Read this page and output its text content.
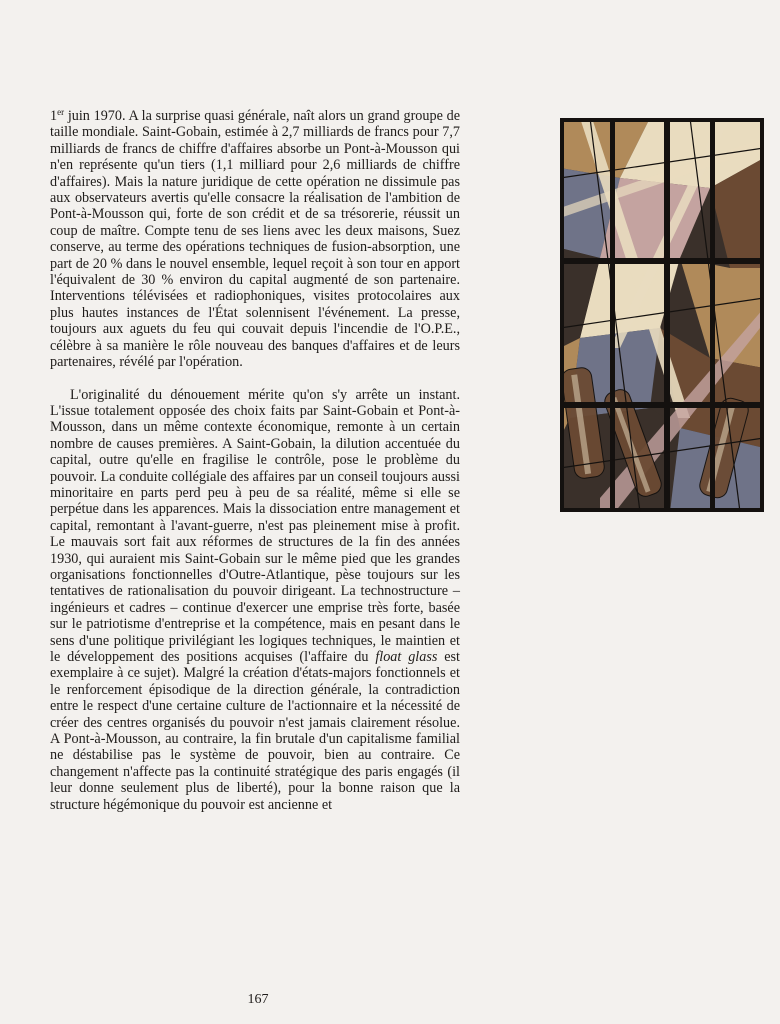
1er juin 1970. A la surprise quasi générale, naît alors un grand groupe de taille mondiale. Saint-Gobain, estimée à 2,7 milliards de francs pour 7,7 milliards de francs de chiffre d'affaires absorbe un Pont-à-Mousson qui n'en représente qu'un tiers (1,1 milliard pour 2,6 milliards de chiffre d'affaires). Mais la nature juridique de cette opération ne dissimule pas aux observateurs avertis qu'elle consacre la réalisation de l'ambition de Pont-à-Mousson qui, forte de son crédit et de sa trésorerie, réussit un coup de maître. Compte tenu de ses liens avec les deux maisons, Suez conserve, au terme des opérations techniques de fusion-absorption, une part de 20 % dans le nouvel ensemble, lequel reçoit à son tour en apport l'équivalent de 30 % environ du capital augmenté de son partenaire. Interventions télévisées et radiophoniques, visites protocolaires aux plus hautes instances de l'État solennisent l'événement. La presse, toujours aux aguets du feu qui couvait depuis l'incendie de l'O.P.E., célèbre à sa manière le rôle nouveau des banques d'affaires et de leurs partenaires, révélé par l'opération.

L'originalité du dénouement mérite qu'on s'y arrête un instant. L'issue totalement opposée des choix faits par Saint-Gobain et Pont-à-Mousson, dans un même contexte économique, remonte à un certain nombre de causes premières. A Saint-Gobain, la dilution accentuée du capital, outre qu'elle en fragilise le contrôle, pose le problème du pouvoir. La conduite collégiale des affaires par un conseil toujours aussi minoritaire en parts perd peu à peu de sa réalité, même si elle se perpétue dans les apparences. Mais la dissociation entre management et capital, remontant à l'avant-guerre, n'est pas pleinement mise à profit. Le mauvais sort fait aux réformes de structures de la fin des années 1930, qui auraient mis Saint-Gobain sur le même pied que les grandes organisations fonctionnelles d'Outre-Atlantique, pèse toujours sur les tentatives de rationalisation du pouvoir dirigeant. La technostructure – ingénieurs et cadres – continue d'exercer une emprise très forte, basée sur le patriotisme d'entreprise et la compétence, mais en pesant dans le sens d'une politique privilégiant les logiques techniques, le maintien et le développement des positions acquises (l'affaire du float glass est exemplaire à ce sujet). Malgré la création d'états-majors fonctionnels et le renforcement épisodique de la direction générale, la contradiction entre le respect d'une certaine culture de l'actionnaire et la nécessité de créer des centres organisés du pouvoir n'est jamais clairement résolue. A Pont-à-Mousson, au contraire, la fin brutale d'un capitalisme familial ne déstabilise pas le système de pouvoir, bien au contraire. Ce changement n'affecte pas la continuité stratégique des paris engagés (il leur donne seulement plus de liberté), pour la bonne raison que la structure hégémonique du pouvoir est ancienne et

167
